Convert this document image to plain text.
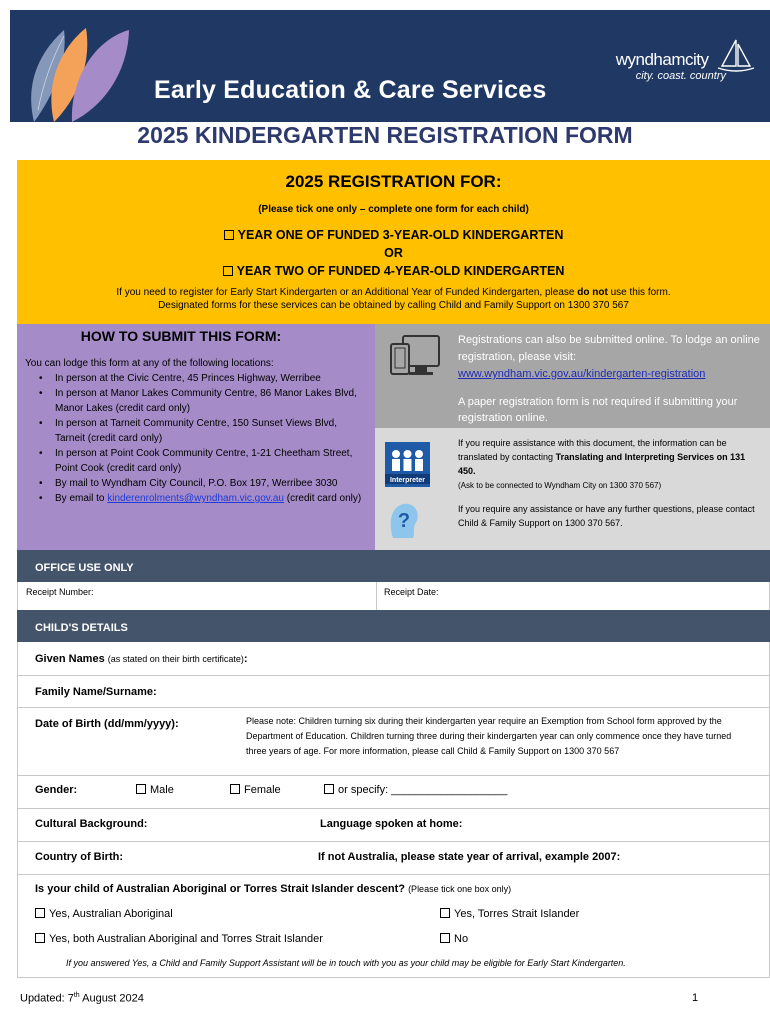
Early Education & Care Services
wyndhamcity
city. coast. country
2025 KINDERGARTEN REGISTRATION FORM
2025 REGISTRATION FOR:
(Please tick one only – complete one form for each child)
YEAR ONE OF FUNDED 3-YEAR-OLD KINDERGARTEN
OR
YEAR TWO OF FUNDED 4-YEAR-OLD KINDERGARTEN
If you need to register for Early Start Kindergarten or an Additional Year of Funded Kindergarten, please do not use this form.
Designated forms for these services can be obtained by calling Child and Family Support on 1300 370 567
HOW TO SUBMIT THIS FORM:
You can lodge this form at any of the following locations:
• In person at the Civic Centre, 45 Princes Highway, Werribee
• In person at Manor Lakes Community Centre, 86 Manor Lakes Blvd, Manor Lakes (credit card only)
• In person at Tarneit Community Centre, 150 Sunset Views Blvd, Tarneit (credit card only)
• In person at Point Cook Community Centre, 1-21 Cheetham Street, Point Cook (credit card only)
• By mail to Wyndham City Council, P.O. Box 197, Werribee 3030
• By email to kinderenrolments@wyndham.vic.gov.au (credit card only)
Registrations can also be submitted online. To lodge an online registration, please visit:
www.wyndham.vic.gov.au/kindergarten-registration
A paper registration form is not required if submitting your registration online.
Interpreter
If you require assistance with this document, the information can be translated by contacting Translating and Interpreting Services on 131 450.
(Ask to be connected to Wyndham City on 1300 370 567)
?
If you require any assistance or have any further questions, please contact Child & Family Support on 1300 370 567.
OFFICE USE ONLY
Receipt Number:	Receipt Date:
CHILD'S DETAILS
Given Names (as stated on their birth certificate):
Family Name/Surname:
Date of Birth (dd/mm/yyyy):	Please note: Children turning six during their kindergarten year require an Exemption from School form approved by the Department of Education. Children turning three during their kindergarten year can only commence once they have turned three years of age. For more information, please call Child & Family Support on 1300 370 567
Gender:	Male	Female	or specify: ___________________
Cultural Background:	Language spoken at home:
Country of Birth:	If not Australia, please state year of arrival, example 2007:
Is your child of Australian Aboriginal or Torres Strait Islander descent? (Please tick one box only)
Yes, Australian Aboriginal	Yes, Torres Strait Islander
Yes, both Australian Aboriginal and Torres Strait Islander	No
If you answered Yes, a Child and Family Support Assistant will be in touch with you as your child may be eligible for Early Start Kindergarten.
Updated: 7th August 2024	1
